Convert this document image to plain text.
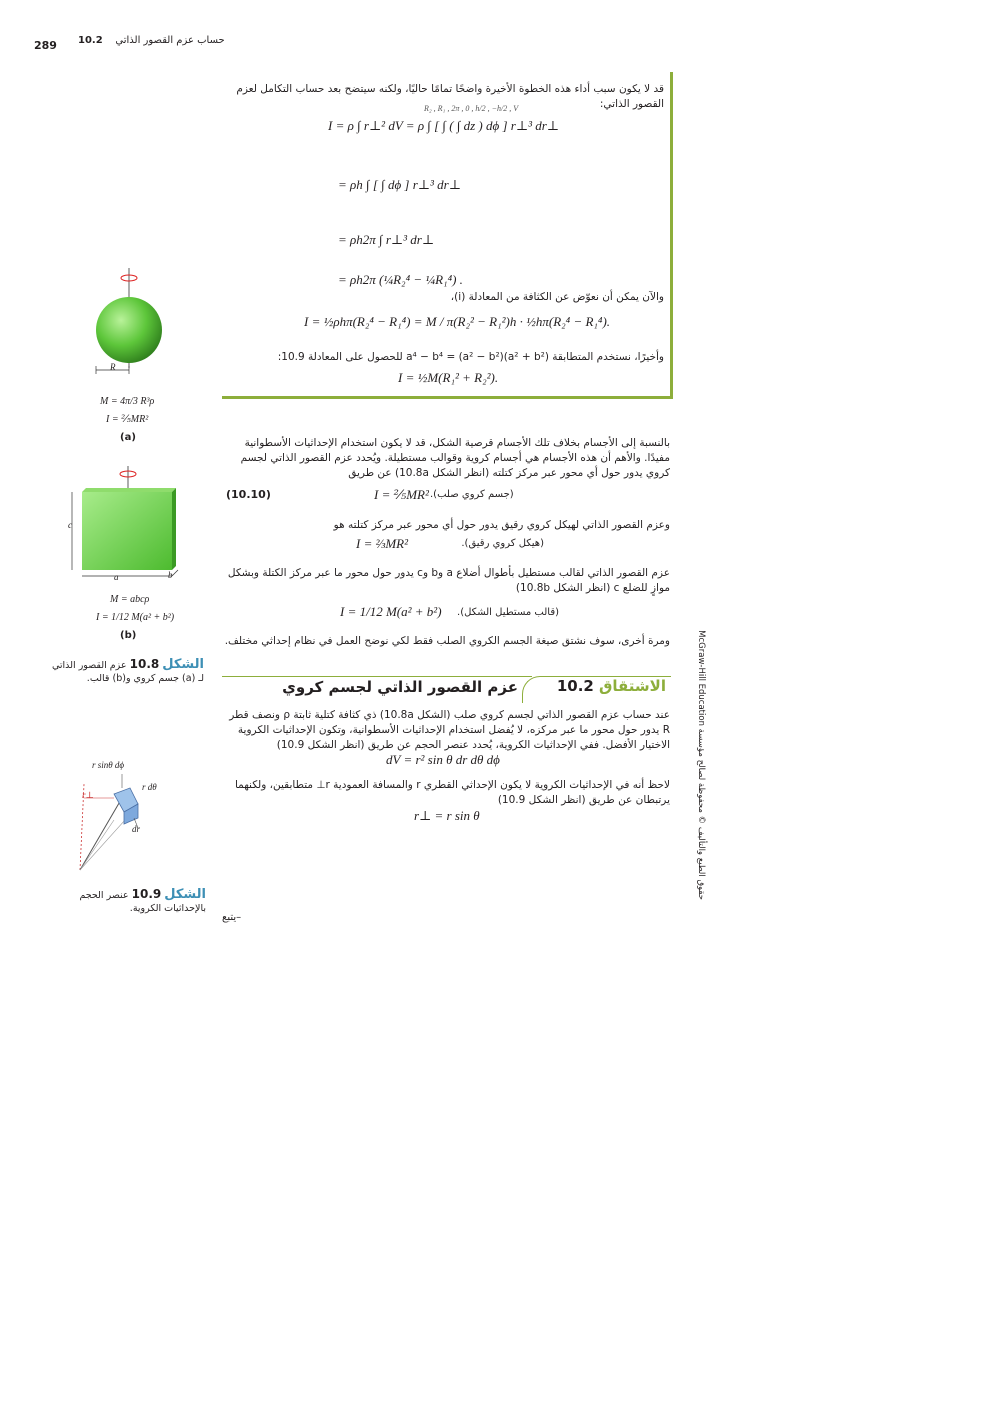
289	حساب عزم القصور الذاتي    10.2
قد لا يكون سبب أداء هذه الخطوة الأخيرة واضحًا تمامًا حاليًا، ولكنه سيتضح بعد حساب التكامل لعزم القصور الذاتي:
I = ρ ∫ r⊥² dV = ρ ∫ [ ∫ ( ∫ dz ) dϕ ] r⊥³ dr⊥
R₂ , R₁ , 2π , 0 , h/2 , −h/2 , V
= ρh ∫ [ ∫ dϕ ] r⊥³ dr⊥
= ρh2π ∫ r⊥³ dr⊥
= ρh2π (¼R₂⁴ − ¼R₁⁴) .
والآن يمكن أن نعوّض عن الكثافة من المعادلة (i)،
I = ½ρhπ(R₂⁴ − R₁⁴) = M / π(R₂² − R₁²)h · ½hπ(R₂⁴ − R₁⁴).
وأخيرًا، نستخدم المتطابقة a⁴ − b⁴ = (a² − b²)(a² + b²) للحصول على المعادلة 10.9:
I = ½M(R₁² + R₂²).
بالنسبة إلى الأجسام بخلاف تلك الأجسام قرصية الشكل، قد لا يكون استخدام الإحداثيات الأسطوانية مفيدًا. والأهم أن هذه الأجسام هي أجسام كروية وقوالب مستطيلة. ويُحدد عزم القصور الذاتي لجسم كروي يدور حول أي محور عبر مركز كتلته (انظر الشكل 10.8a) عن طريق
I = ⅖MR² (جسم كروي صلب).
(10.10)
وعزم القصور الذاتي لهيكل كروي رقيق يدور حول أي محور عبر مركز كتلته هو
I = ⅔MR²	(هيكل كروي رقيق).
عزم القصور الذاتي لقالب مستطيل بأطوال أضلاع a وb وc يدور حول محور ما عبر مركز الكتلة وبشكل موازٍ للضلع c (انظر الشكل 10.8b)
I = 1/12 M(a² + b²)	(قالب مستطيل الشكل).
ومرة أخرى، سوف نشتق صيغة الجسم الكروي الصلب فقط لكي نوضح العمل في نظام إحداثي مختلف.
الاشتقاق 10.2
عزم القصور الذاتي لجسم كروي
عند حساب عزم القصور الذاتي لجسم كروي صلب (الشكل 10.8a) ذي كثافة كتلية ثابتة ρ ونصف قطر R يدور حول محور ما عبر مركزه، لا يُفضل استخدام الإحداثيات الأسطوانية، وتكون الإحداثيات الكروية الاختيار الأفضل. ففي الإحداثيات الكروية، يُحدد عنصر الحجم عن طريق (انظر الشكل 10.9)
dV = r² sin θ dr dθ dϕ
لاحظ أنه في الإحداثيات الكروية لا يكون الإحداثي القطري r والمسافة العمودية r⊥ متطابقين، ولكنهما يرتبطان عن طريق (انظر الشكل 10.9)
r⊥ = r sin θ
–يتبع
حقوق الطبع والتأليف © محفوظة لصالح مؤسسة McGraw-Hill Education
R
M = 4π/3 R³ρ
I = ⅖MR²
(a)
c
a	b
M = abcρ
I = 1/12 M(a² + b²)
(b)
الشكل 10.8 عزم القصور الذاتي
لـ (a) جسم كروي و(b) قالب.
r sinθ dϕ
r dθ
dr
r⊥
الشكل 10.9 عنصر الحجم
بالإحداثيات الكروية.
